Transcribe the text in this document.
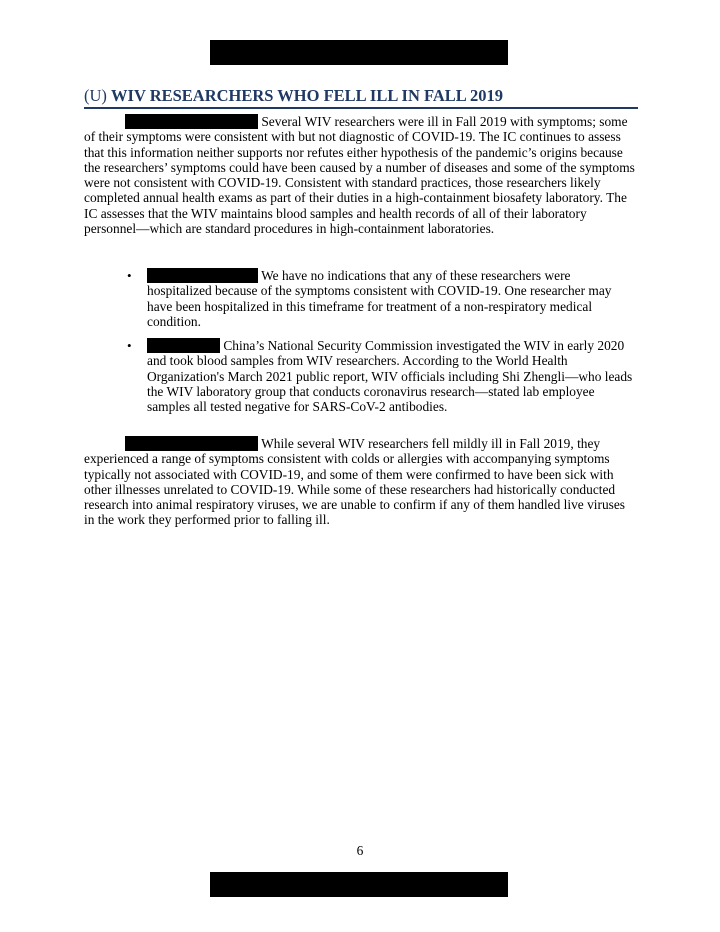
(U) WIV RESEARCHERS WHO FELL ILL IN FALL 2019

Several WIV researchers were ill in Fall 2019 with symptoms; some of their symptoms were consistent with but not diagnostic of COVID-19. The IC continues to assess that this information neither supports nor refutes either hypothesis of the pandemic’s origins because the researchers’ symptoms could have been caused by a number of diseases and some of the symptoms were not consistent with COVID-19. Consistent with standard practices, those researchers likely completed annual health exams as part of their duties in a high-containment biosafety laboratory. The IC assesses that the WIV maintains blood samples and health records of all of their laboratory personnel—which are standard procedures in high-containment laboratories.

•	We have no indications that any of these researchers were hospitalized because of the symptoms consistent with COVID-19. One researcher may have been hospitalized in this timeframe for treatment of a non-respiratory medical condition.
•	China’s National Security Commission investigated the WIV in early 2020 and took blood samples from WIV researchers. According to the World Health Organization's March 2021 public report, WIV officials including Shi Zhengli—who leads the WIV laboratory group that conducts coronavirus research—stated lab employee samples all tested negative for SARS-CoV-2 antibodies.

While several WIV researchers fell mildly ill in Fall 2019, they experienced a range of symptoms consistent with colds or allergies with accompanying symptoms typically not associated with COVID-19, and some of them were confirmed to have been sick with other illnesses unrelated to COVID-19. While some of these researchers had historically conducted research into animal respiratory viruses, we are unable to confirm if any of them handled live viruses in the work they performed prior to falling ill.

6
